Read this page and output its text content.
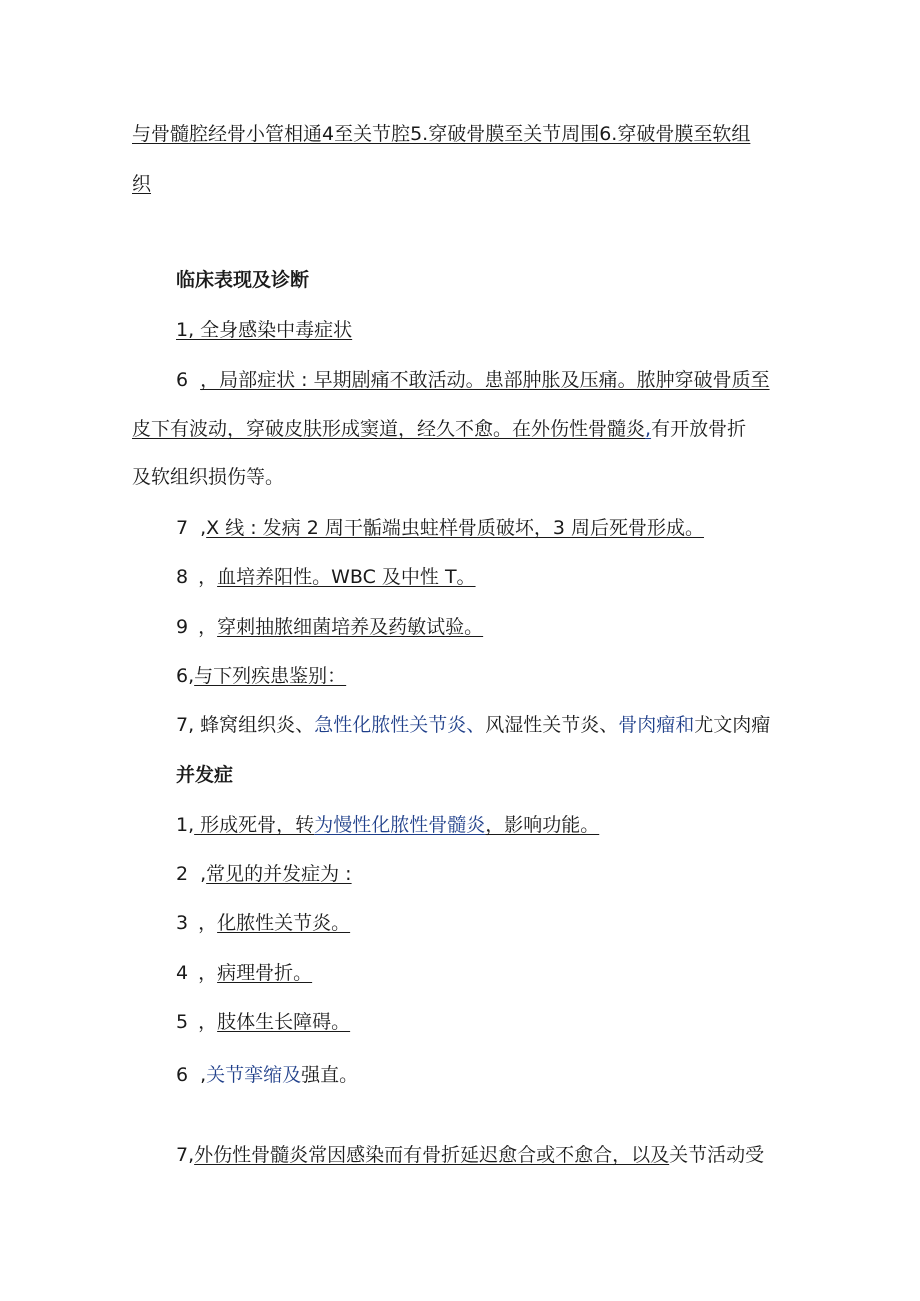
与骨髓腔经骨小管相通4至关节腔5.穿破骨膜至关节周围6.穿破骨膜至软组
织
临床表现及诊断
1, 全身感染中毒症状
6 ，局部症状 : 早期剧痛不敢活动。患部肿胀及压痛。脓肿穿破骨质至
皮下有波动，穿破皮肤形成窦道，经久不愈。在外伤性骨髓炎,有开放骨折
及软组织损伤等。
7 ,X 线 : 发病 2 周干骺端虫蛀样骨质破坏，3 周后死骨形成。
8 ，血培养阳性。WBC 及中性 T。
9 ，穿刺抽脓细菌培养及药敏试验。
6,与下列疾患鉴别：
7, 蜂窝组织炎、急性化脓性关节炎、风湿性关节炎、骨肉瘤和尤文肉瘤
并发症
1, 形成死骨，转为慢性化脓性骨髓炎，影响功能。
2 ,常见的并发症为 :
3 ，化脓性关节炎。
4 ，病理骨折。
5 ，肢体生长障碍。
6 ,关节挛缩及强直。
7,外伤性骨髓炎常因感染而有骨折延迟愈合或不愈合，以及关节活动受
